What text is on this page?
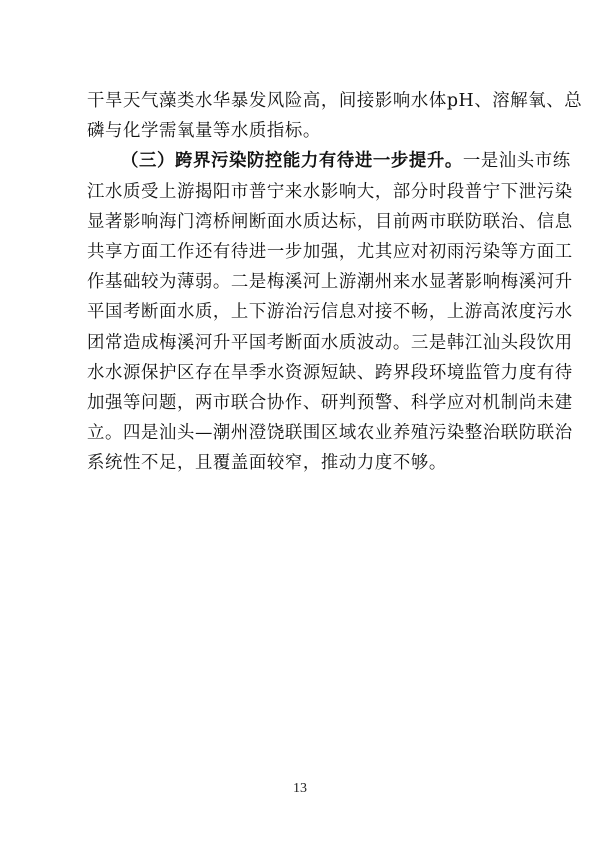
干旱天气藻类水华暴发风险高，间接影响水体pH、溶解氧、总
磷与化学需氧量等水质指标。
（三）跨界污染防控能力有待进一步提升。一是汕头市练
江水质受上游揭阳市普宁来水影响大，部分时段普宁下泄污染
显著影响海门湾桥闸断面水质达标，目前两市联防联治、信息
共享方面工作还有待进一步加强，尤其应对初雨污染等方面工
作基础较为薄弱。二是梅溪河上游潮州来水显著影响梅溪河升
平国考断面水质，上下游治污信息对接不畅，上游高浓度污水
团常造成梅溪河升平国考断面水质波动。三是韩江汕头段饮用
水水源保护区存在旱季水资源短缺、跨界段环境监管力度有待
加强等问题，两市联合协作、研判预警、科学应对机制尚未建
立。四是汕头—潮州澄饶联围区域农业养殖污染整治联防联治
系统性不足，且覆盖面较窄，推动力度不够。
13
